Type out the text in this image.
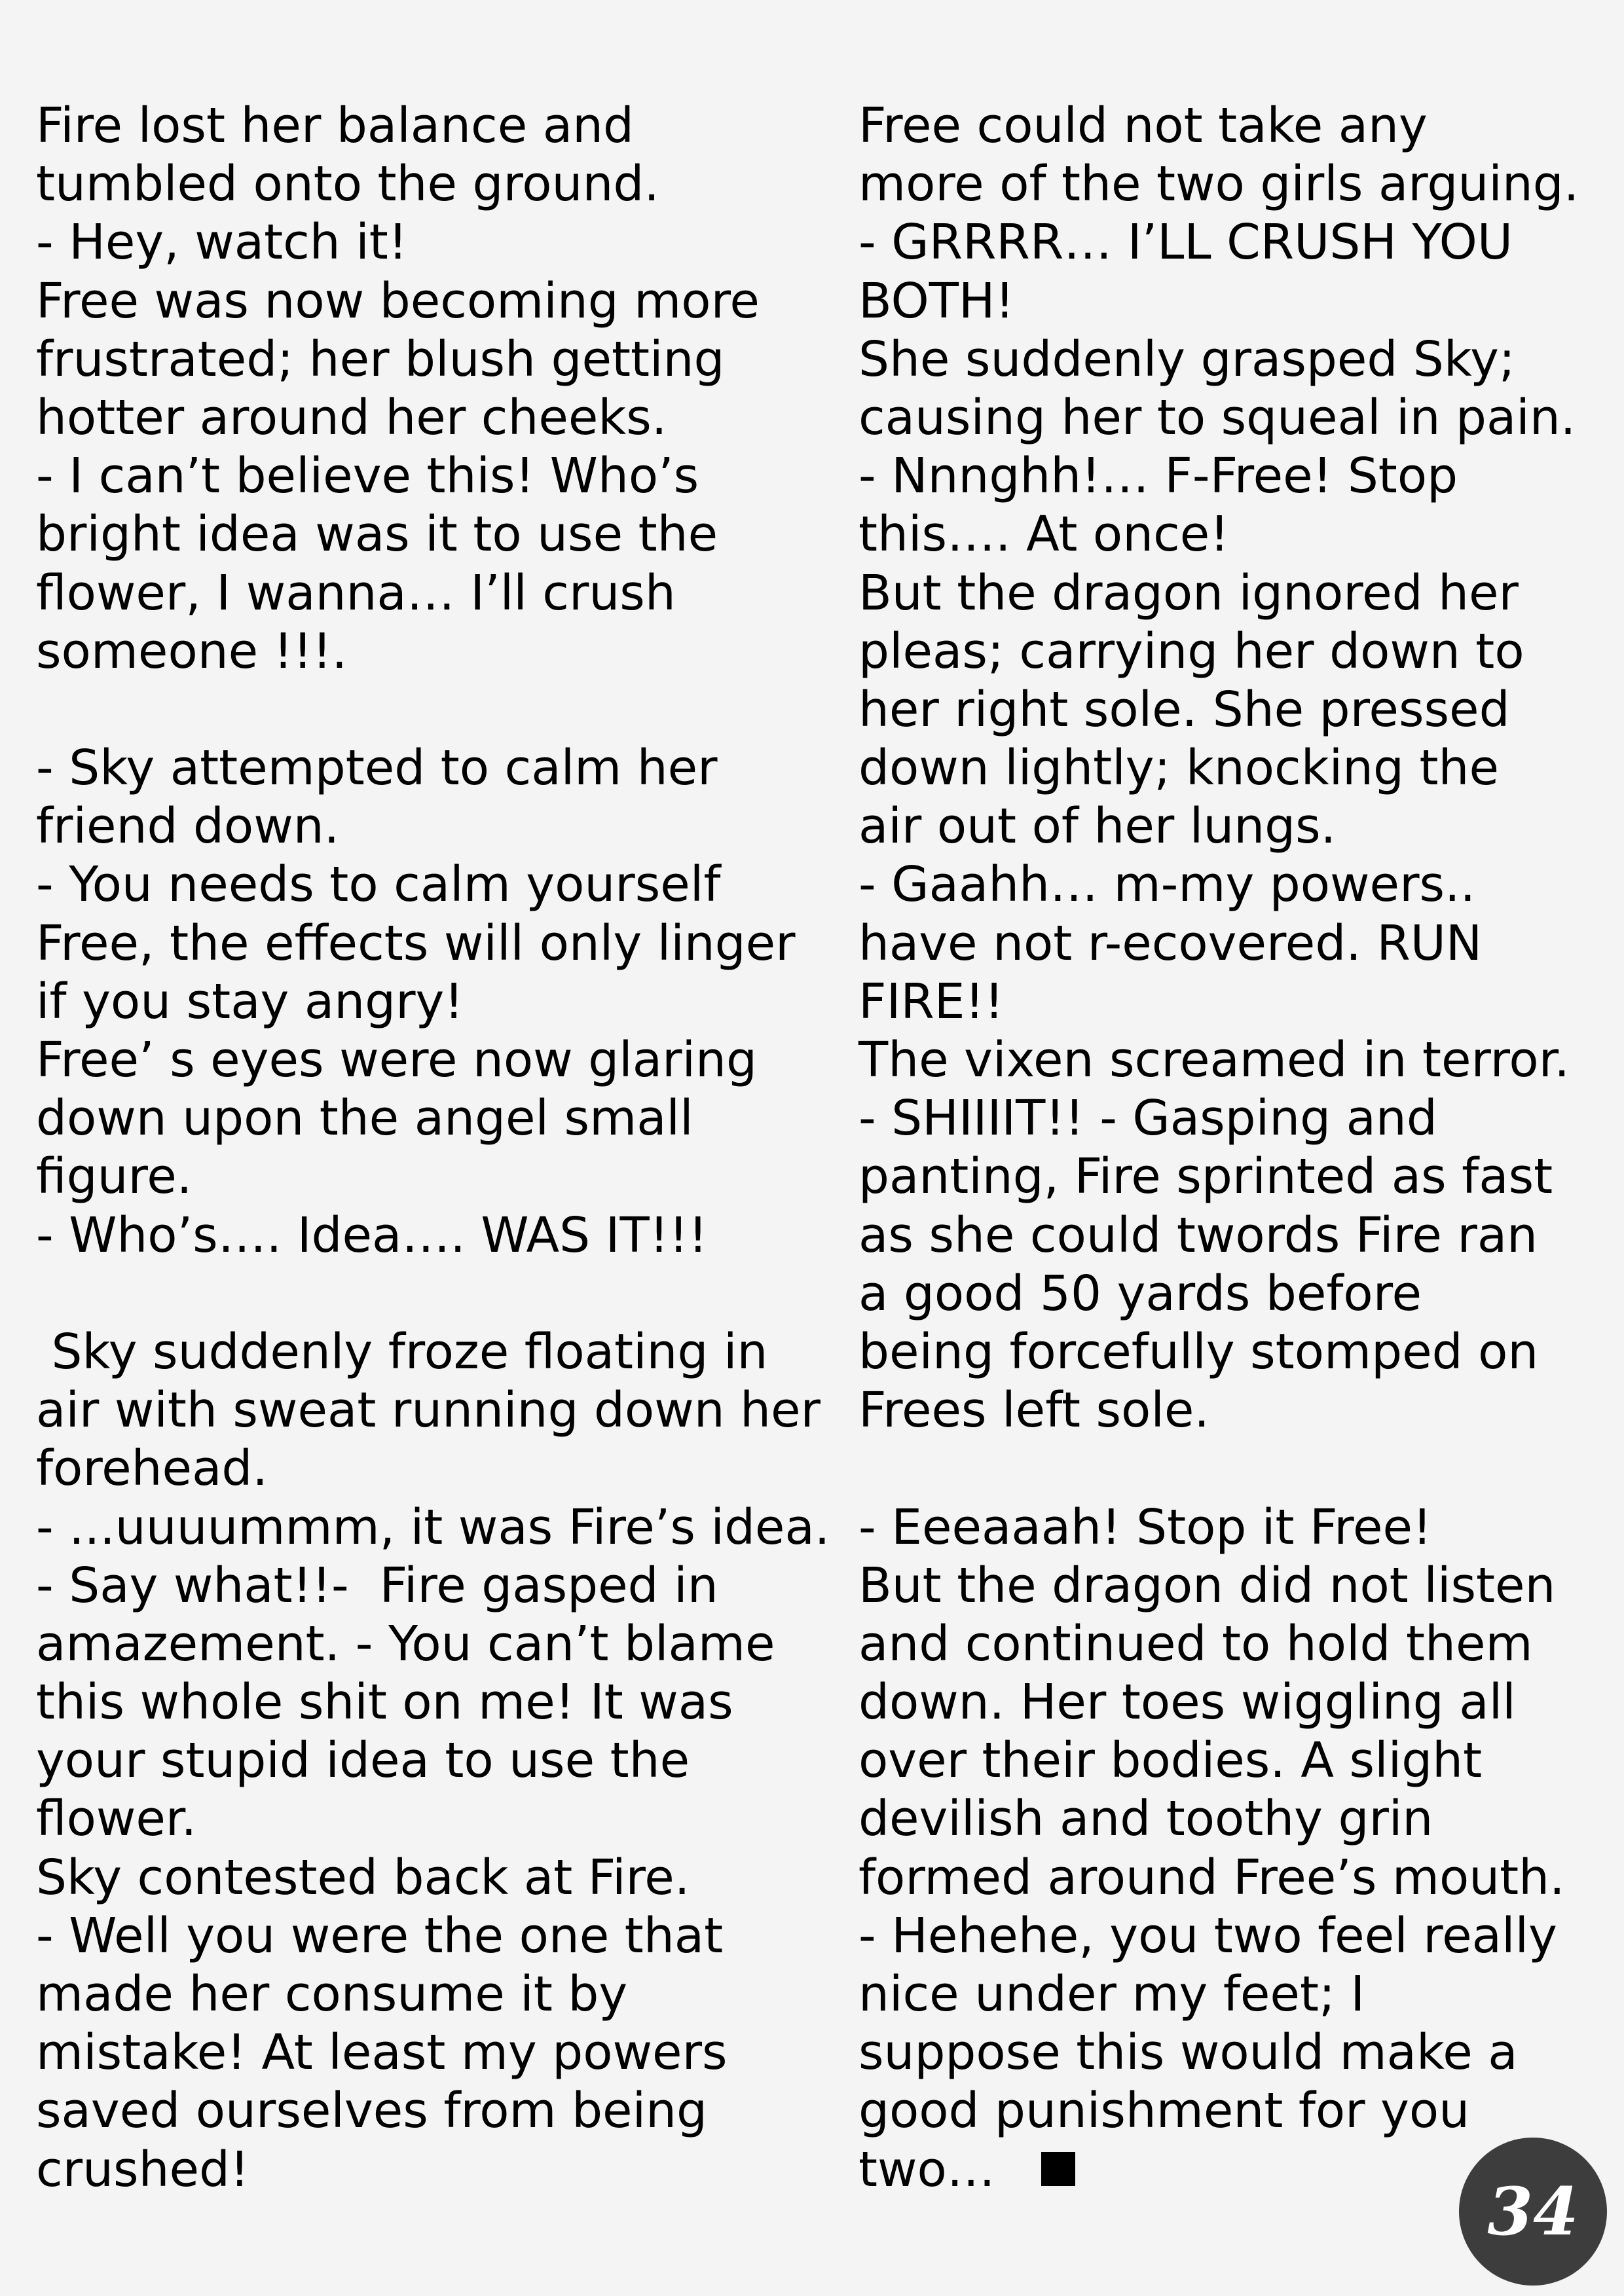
Fire lost her balance and
tumbled onto the ground.
- Hey, watch it!
Free was now becoming more
frustrated; her blush getting
hotter around her cheeks.
- I can’t believe this! Who’s
bright idea was it to use the
flower, I wanna… I’ll crush
someone !!!.
- Sky attempted to calm her
friend down.
- You needs to calm yourself
Free, the effects will only linger
if you stay angry!
Free’ s eyes were now glaring
down upon the angel small
figure.
- Who’s…. Idea…. WAS IT!!!
Sky suddenly froze floating in
air with sweat running down her
forehead.
- ...uuuummm, it was Fire’s idea.
- Say what!!-  Fire gasped in
amazement. - You can’t blame
this whole shit on me! It was
your stupid idea to use the
flower.
Sky contested back at Fire.
- Well you were the one that
made her consume it by
mistake! At least my powers
saved ourselves from being
crushed!
Free could not take any
more of the two girls arguing.
- GRRRR… I’LL CRUSH YOU
BOTH!
She suddenly grasped Sky;
causing her to squeal in pain.
- Nnnghh!… F-Free! Stop
this…. At once!
But the dragon ignored her
pleas; carrying her down to
her right sole. She pressed
down lightly; knocking the
air out of her lungs.
- Gaahh… m-my powers..
have not r-ecovered. RUN
FIRE!!
The vixen screamed in terror.
- SHIIIIT!! - Gasping and
panting, Fire sprinted as fast
as she could twords Fire ran
a good 50 yards before
being forcefully stomped on
Frees left sole.
- Eeeaaah! Stop it Free!
But the dragon did not listen
and continued to hold them
down. Her toes wiggling all
over their bodies. A slight
devilish and toothy grin
formed around Free’s mouth.
- Hehehe, you two feel really
nice under my feet; I
suppose this would make a
good punishment for you
two…
34
